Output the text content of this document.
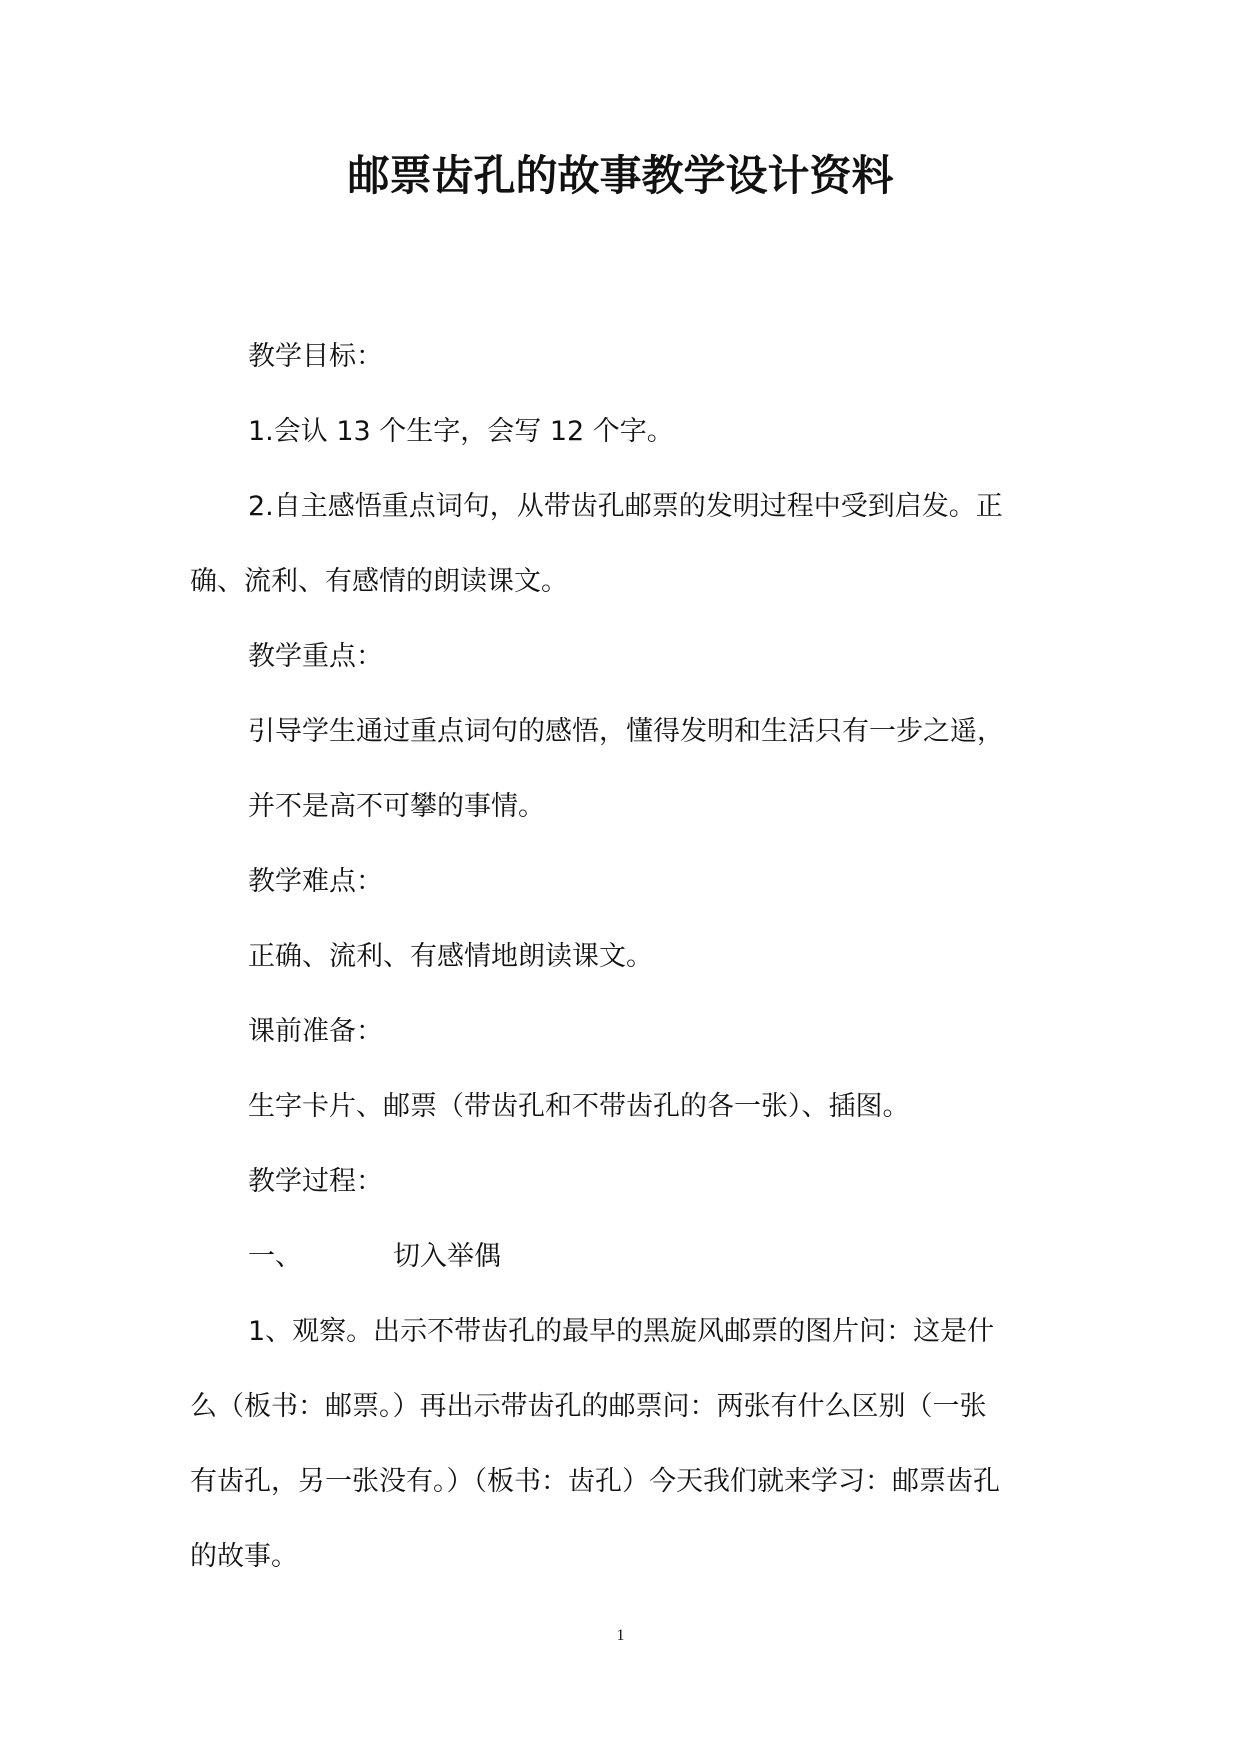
邮票齿孔的故事教学设计资料
教学目标：
1.会认 13 个生字，会写 12 个字。
2.自主感悟重点词句，从带齿孔邮票的发明过程中受到启发。正
确、流利、有感情的朗读课文。
教学重点：
引导学生通过重点词句的感悟，懂得发明和生活只有一步之遥，
并不是高不可攀的事情。
教学难点：
正确、流利、有感情地朗读课文。
课前准备：
生字卡片、邮票（带齿孔和不带齿孔的各一张）、插图。
教学过程：
一、	切入举偶
1、观察。出示不带齿孔的最早的黑旋风邮票的图片问：这是什
么（板书：邮票。）再出示带齿孔的邮票问：两张有什么区别（一张
有齿孔，另一张没有。）（板书：齿孔）今天我们就来学习：邮票齿孔
的故事。
1
